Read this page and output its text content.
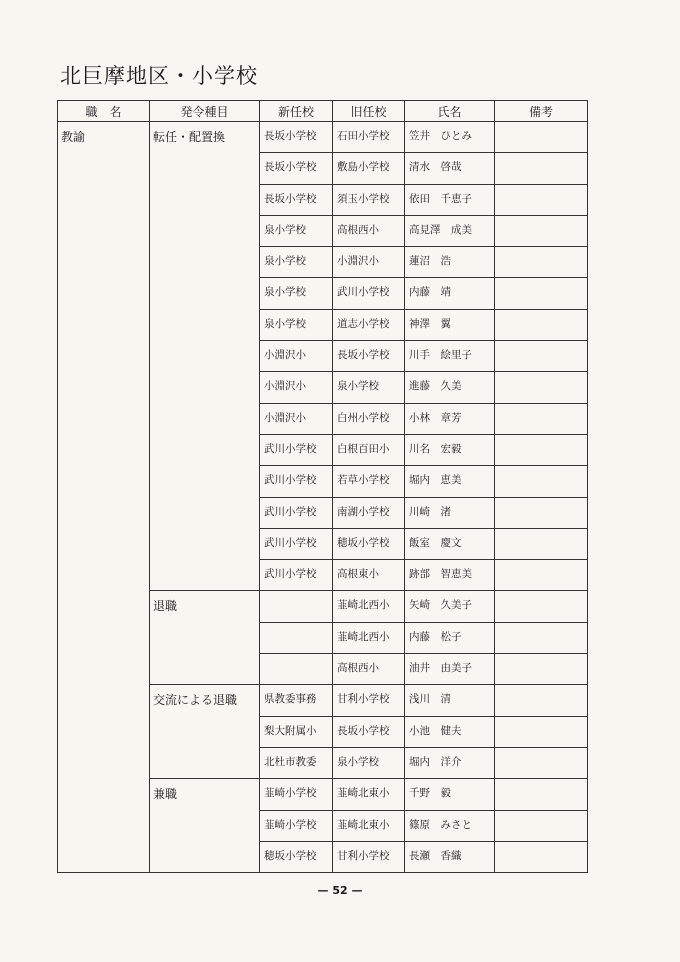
北巨摩地区・小学校
職　名	発令種目	新任校	旧任校	氏名	備考

教諭	転任・配置換	長坂小学校	石田小学校	笠井　ひとみ	

		長坂小学校	敷島小学校	清水　啓哉	

		長坂小学校	須玉小学校	依田　千恵子	

		泉小学校	高根西小	高見澤　成美	

		泉小学校	小淵沢小	蓮沼　浩	

		泉小学校	武川小学校	内藤　靖	

		泉小学校	道志小学校	神澤　翼	

		小淵沢小	長坂小学校	川手　絵里子	

		小淵沢小	泉小学校	進藤　久美	

		小淵沢小	白州小学校	小林　章芳	

		武川小学校	白根百田小	川名　宏毅	

		武川小学校	若草小学校	堀内　恵美	

		武川小学校	南湖小学校	川崎　渚	

		武川小学校	穂坂小学校	飯室　慶文	

		武川小学校	高根東小	跡部　智恵美	

	退職		韮崎北西小	矢崎　久美子	

			韮崎北西小	内藤　松子	

			高根西小	油井　由美子	

	交流による退職	県教委事務	甘利小学校	浅川　清	

		梨大附属小	長坂小学校	小池　健夫	

		北杜市教委	泉小学校	堀内　洋介	

	兼職	韮崎小学校	韮崎北東小	千野　毅	

		韮崎小学校	韮崎北東小	篠原　みさと	

		穂坂小学校	甘利小学校	長瀬　香織	

— 52 —
